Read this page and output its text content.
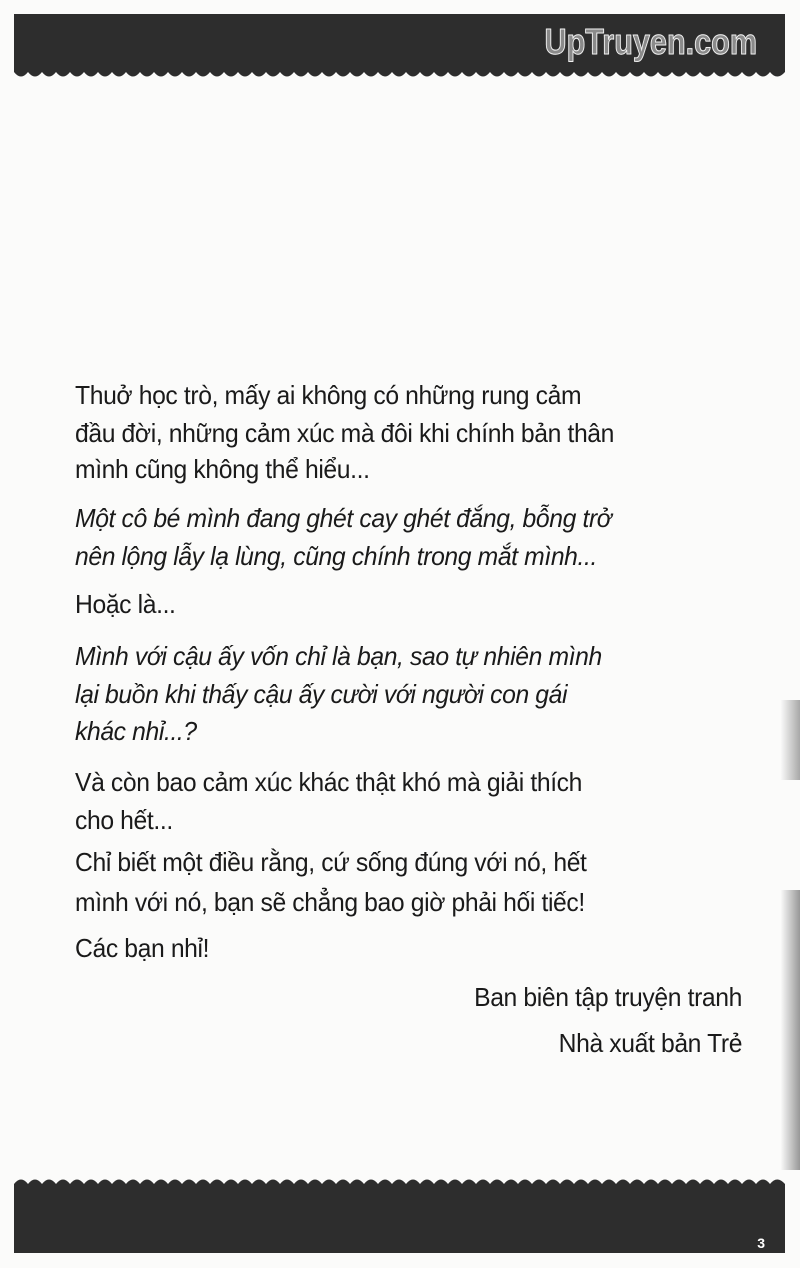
UpTruyen.com
Thuở học trò, mấy ai không có những rung cảm
đầu đời, những cảm xúc mà đôi khi chính bản thân
mình cũng không thể hiểu...
Một cô bé mình đang ghét cay ghét đắng, bỗng trở
nên lộng lẫy lạ lùng, cũng chính trong mắt mình...
Hoặc là...
Mình với cậu ấy vốn chỉ là bạn, sao tự nhiên mình
lại buồn khi thấy cậu ấy cười với người con gái
khác nhỉ...?
Và còn bao cảm xúc khác thật khó mà giải thích
cho hết...
Chỉ biết một điều rằng, cứ sống đúng với nó, hết
mình với nó, bạn sẽ chẳng bao giờ phải hối tiếc!
Các bạn nhỉ!
Ban biên tập truyện tranh
Nhà xuất bản Trẻ
3
